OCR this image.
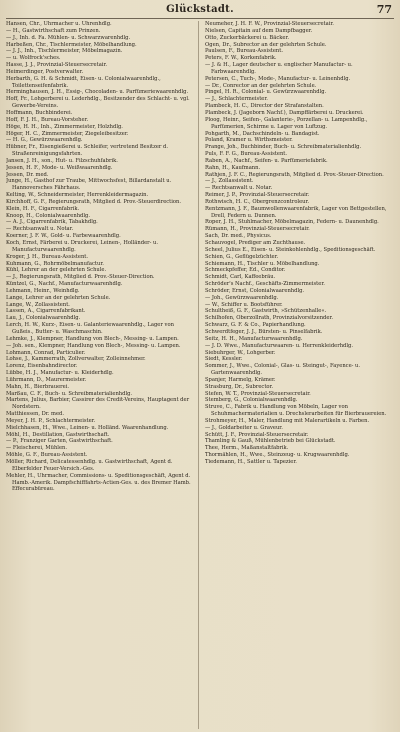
Glückstadt.	77
Hansen, Chr., Uhrmacher u. Uhrenhdlg.
— H., Gastwirthschaft zum Prinzen.
— J., Inh. d. Fa. Mühlen- u. Schwarzwarenhdlg.
Harbeßen, Chr., Tischlermeister, Möbelhandlung.
— J. J., Inh., Tischlermeister, Möbelmagazin.
— u. Wolfrock'sches.
Hasse, J. J., Provinzial-Steuersecretair.
Heimerdinger, Postverwalter.
Herbarth, G. H. & Schmidt, Eisen- u. Colonialwaarenhdlg., Toilettenseifenfabrik.
Herminghausen, J. H., Essig-, Chocoladen- u. Parfümeriewaarenhdlg.
Hoff, Fr., Lohgerberei u. Lederhdlg., Besitzender des Schlacht- u. vgl. Gewerbe-Vereins.
Hoffmann, Buchbinderei.
Hoff, F. J. H., Bureau-Vorsteher.
Höge, H. H., Inh., Zimmermeister, Holzhdlg.
Höger, H. C., Zimmermeister, Ziegeleibesitzer.
— H. G., Gewürzwaarenhdlg.
Hübner, Fr., Eisengießerei u. Schleifer, vertretend Besitzer d. Straßenreinigungsfahrten.
Jansen, J. H., son., Hut- u. Filzschuhfabrik.
Jessen, H. F., Mode- u. Weißwaarenhdlg.
Jessen, Dr. med.
Junge, H., Gasthof zur Traube, Mittwochsfest, Billardanstalt u. Hannoversches Fährhaus.
Kelting, W., Schneidermeister, Herrenkleidermagazin.
Kirchhoff, G. F., Regierungsrath, Mitglied d. Prov.-Steuerdirection.
Klein, H. F., Cigarrenfabrik.
Knoop, H., Colonialwaarenhdlg.
— A. J., Cigarrenfabrik, Tabakhdlg.
— Rechtsanwalt u. Notar.
Koerner, J. F. W., Gold- u. Farbewaarenhdlg.
Koch, Ernst, Färberei u. Druckerei, Leinen-, Holländer- u. Manufacturwaarenhdlg.
Kroger, J. H., Bureau-Assistent.
Kuhmann, G., Rohrmöbelmanufactur.
Kühl, Lehrer an der gelehrten Schule.
— J., Regierungsrath, Mitglied d. Prov.-Steuer-Direction.
Küntzel, G., Nachf., Manufacturwaarenhdlg.
Lehmann, Heinr., Weinhdlg.
Lange, Lehrer an der gelehrten Schule.
Lange, W., Zollassistent.
Lassen, A., Cigarrenfabrikant.
Lau, J., Colonialwaarenhdlg.
Lerch, H. W., Kurz-, Eisen- u. Galanteriewaarenhdlg., Lager von Gußeis., Butter- u. Waschmaschin.
Lehmke, J., Klempner, Handlung von Blech-, Messing- u. Lampen.
— Joh. sen., Klempner, Handlung von Blech-, Messing- u. Lampen.
Lohmann, Conrad, Particulier.
Lohse, J., Kammerrath, Zollverwalter, Zolleinnehmer.
Lorenz, Eisenbahndirector.
Lübbe, H. J., Manufactur- u. Kleiderhdlg.
Lührmann, D., Maurermeister.
Mahn, H., Bierbrauerei.
Marßau, C. F., Buch- u. Schreibmaterialienhdlg.
Martens, Julius, Barbier, Cassirer des Credit-Vereins, Hauptagent der Nordstern.
Matthiessen, Dr. med.
Meyer, J. H. P., Schlachtermeister.
Mielchhasen, H., Wwe., Leinen- u. Holländ. Waarenhandlung.
Möhl, H., Destillation, Gastwirthschaft.
— P., Franziger Garten, Gastwirthschaft.
— Fleischerei, Mühlen.
Möhle, G. F., Bureau-Assistent.
Möller, Richard, Delicatessenhdlg. u. Gastwirthschaft, Agent d. Elberfelder Feuer-Versich.-Ges.
Mehler, H., Uhrmacher, Commissions- u. Speditionsgeschäft, Agent d. Hamb.-Amerik. Dampfschifffahrts-Actien-Ges. u. des Bremer Hamb. Effecurabüreau.
Neumeher, J. H. F. W., Provinzial-Steuersecretair.
Nielsen, Capitain auf dem Dampfbagger.
Otto, Zuckerbäckerei u. Bäcker.
Ogen, Dr., Subrector an der gelehrten Schule.
Paulsen, F., Bureau-Assistent.
Peters, F. W., Korkenfabrik.
— J. & H., Lager deutscher u. englischer Manufactur- u. Farbwaarenhdlg.
Petersen, C., Tuch-, Mode-, Manufactur- u. Leinenhdlg.
— Dr., Conrector an der gelehrten Schule.
Pingel, H. R., Colonial- u. Gewürzwaarenhdlg.
— J., Schlachtermeister.
Plambeck, H. C., Director der Strafanstalten.
Plambeck, J. (Jageborn Nachf.), Dampffärberei u. Druckerei.
Ploog, Heinr., Seifen-, Galanterie-, Porzellan- u. Lampenhdlg., Parfümerien, Schirme u. Lager von Luftzug.
Pohgarth, M., Dachschindeln- u. Bandagist.
Poland, Kramer u. Wirthsmeister.
Prange, Joh., Buchbinder, Buch- u. Schreibmaterialienhdlg.
Puls, F. F. G., Bureau-Assistent.
Raben, A., Nachf., Seifen- u. Parfümeriefabrik.
Rahn, H., Kaufmann.
Rathjen, J. F. C., Regierungsrath, Mitglied d. Prov.-Steuer-Direction.
— J., Zollassistent.
— Rechtsanwalt u. Notar.
Reimer, J. P., Provinzial-Steuersecretair.
Rothwisch, H. C., Obergrenzcontroleur.
Rentzmann, J. F., Baumwollenwaarenfabrik, Lager von Bettgestellen, Drell, Federn u. Dunnen.
Roper, J. H., Stuhlmacher, Möbelmagazin, Federn- u. Daunenhdlg.
Rümann, H., Provinzial-Steuersecretair.
Sach, Dr. med., Physicus.
Schauvogel, Prediger am Zuchthause.
Scheel, Julius E., Eisen- u. Steinkohlenhdlg., Speditionsgeschäft.
Schien, G., Geflügelzüchter.
Schiemann, H., Tischler u. Möbelhandlung.
Schmeckpfeffer, Ed., Conditor.
Schmidt, Carl, Kaffeebräu.
Schröder's Nachf., Geschäfts-Zimmermeister.
Schröder, Ernst, Colonialwaarenhdlg.
— Joh., Gewürzwaarenhdlg.
— W., Schiffer u. Bootsführer.
Schultheiß, G. F., Gastwirth, »Schützenhalle«.
Schilhofen, Oberzollrath, Provinzialvorsitzender.
Schwarz, G. F. & Co., Papierhandlung.
Schwerdtfeger, J. J., Bürsten- u. Pinselfabrik.
Seitz, H. H., Manufacturwaarenhdlg.
— J. D. Wwe., Manufacturwaaren- u. Herrenkleiderhdlg.
Siebuhrger, W., Lohgerber.
Siedt, Kessler.
Sommer, J., Wwe., Colonial-, Glas- u. Steingut-, Fayence- u. Gartenwaarenhdlg.
Spanjer, Harmelg, Krämer.
Strasburg, Dr., Subrector.
Stefen, W. T., Provinzial-Steuersecretair.
Stemberg, G., Colonialwaarenhdlg.
Struve, C., Fabrik u. Handlung von Möbeln, Lager von Schuhmachermaterialien u. Drechslerarbeiten für Bierbrauereien.
Strohmeyer, H., Maler, Handlung mit Malerartikeln u. Farben.
— J., Goldarbeiter u. Graveur.
Schütt, J. F., Provinzial-Steuersecretair.
Thamling & Gauß, Mühlenbetrieb bei Glückstadt.
Thee, Herm., Maßanstaltfabrik.
Thormählen, H., Wwe., Steinzeug- u. Krugwaarenhdlg.
Tiedemann, H., Sattler u. Tapezier.
